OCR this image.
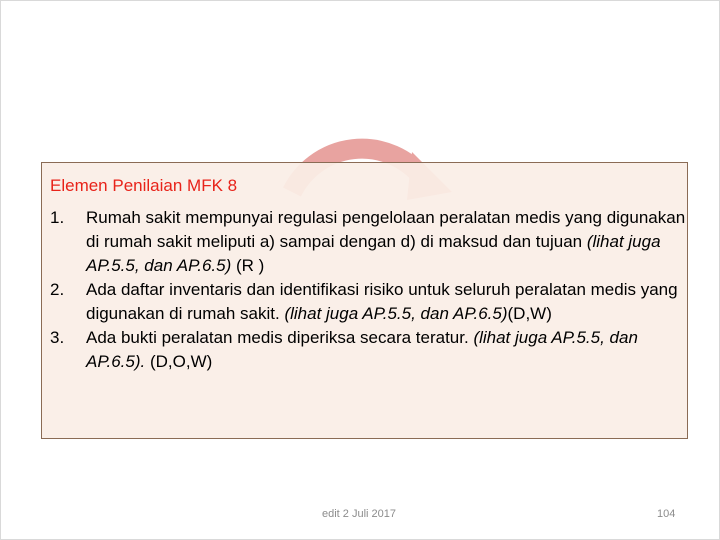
Elemen Penilaian MFK 8
1. Rumah sakit mempunyai regulasi pengelolaan peralatan medis yang digunakan di rumah sakit meliputi a) sampai dengan d) di maksud dan tujuan (lihat juga AP.5.5, dan AP.6.5) (R )
2. Ada daftar inventaris dan identifikasi risiko untuk seluruh peralatan medis yang digunakan di rumah sakit. (lihat juga AP.5.5, dan AP.6.5)(D,W)
3. Ada bukti peralatan medis diperiksa secara teratur. (lihat juga AP.5.5, dan AP.6.5). (D,O,W)
edit 2 Juli 2017	104
